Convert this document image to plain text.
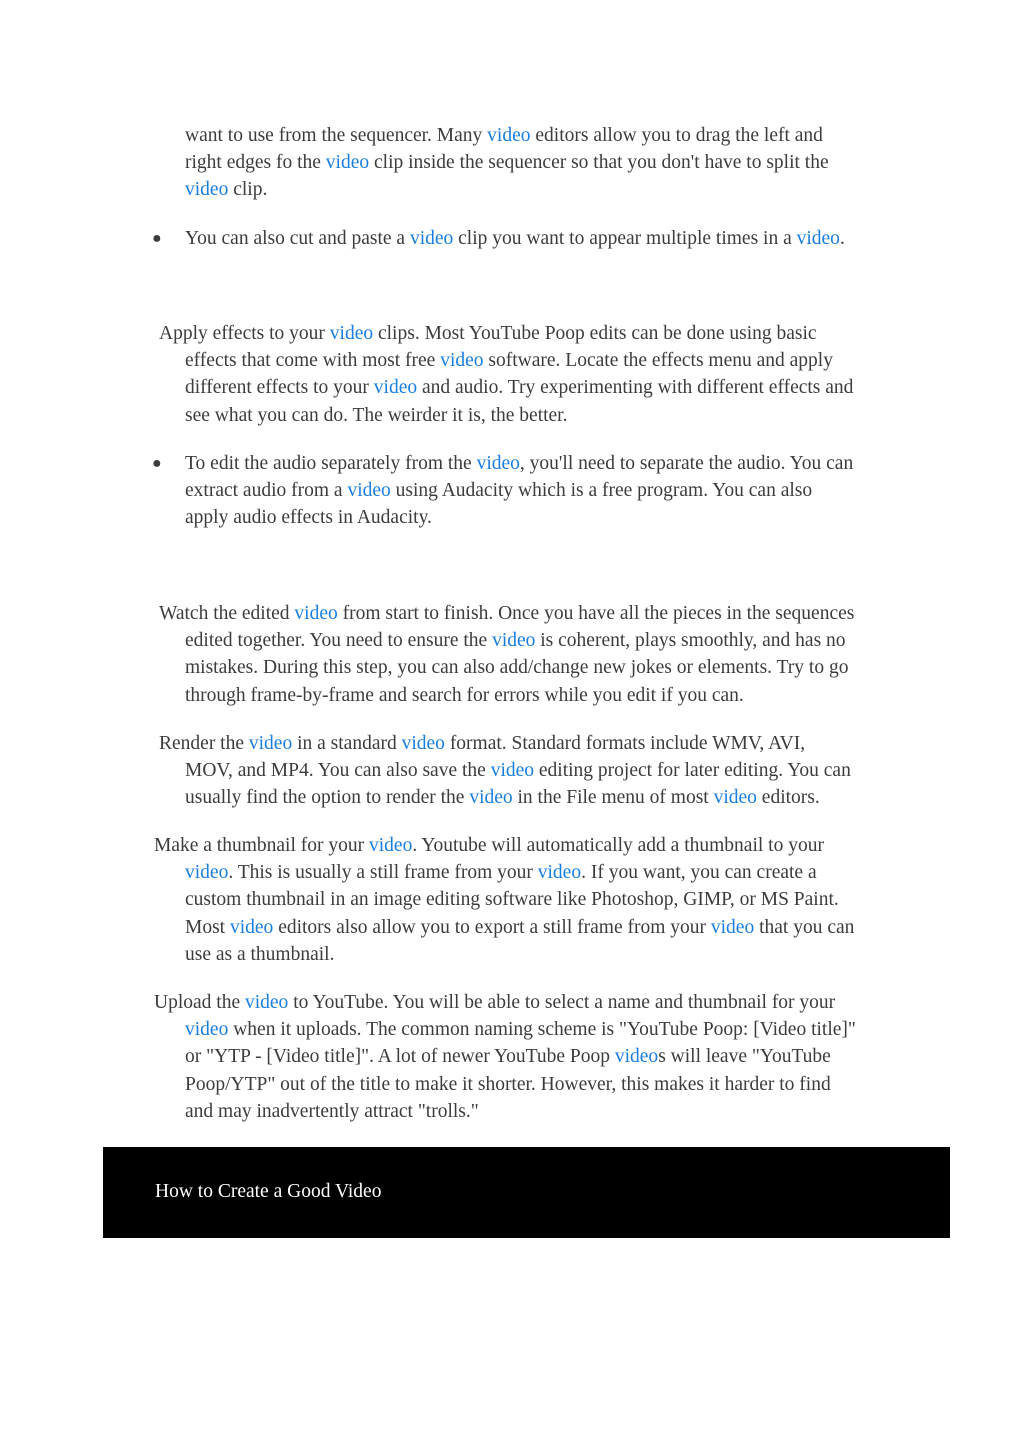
want to use from the sequencer. Many video editors allow you to drag the left and
right edges fo the video clip inside the sequencer so that you don't have to split the
video clip.
● You can also cut and paste a video clip you want to appear multiple times in a video.
Apply effects to your video clips. Most YouTube Poop edits can be done using basic
effects that come with most free video software. Locate the effects menu and apply
different effects to your video and audio. Try experimenting with different effects and
see what you can do. The weirder it is, the better.
● To edit the audio separately from the video, you'll need to separate the audio. You can
extract audio from a video using Audacity which is a free program. You can also
apply audio effects in Audacity.
Watch the edited video from start to finish. Once you have all the pieces in the sequences
edited together. You need to ensure the video is coherent, plays smoothly, and has no
mistakes. During this step, you can also add/change new jokes or elements. Try to go
through frame-by-frame and search for errors while you edit if you can.
Render the video in a standard video format. Standard formats include WMV, AVI,
MOV, and MP4. You can also save the video editing project for later editing. You can
usually find the option to render the video in the File menu of most video editors.
Make a thumbnail for your video. Youtube will automatically add a thumbnail to your
video. This is usually a still frame from your video. If you want, you can create a
custom thumbnail in an image editing software like Photoshop, GIMP, or MS Paint.
Most video editors also allow you to export a still frame from your video that you can
use as a thumbnail.
Upload the video to YouTube. You will be able to select a name and thumbnail for your
video when it uploads. The common naming scheme is "YouTube Poop: [Video title]"
or "YTP - [Video title]". A lot of newer YouTube Poop videos will leave "YouTube
Poop/YTP" out of the title to make it shorter. However, this makes it harder to find
and may inadvertently attract "trolls."
How to Create a Good Video
